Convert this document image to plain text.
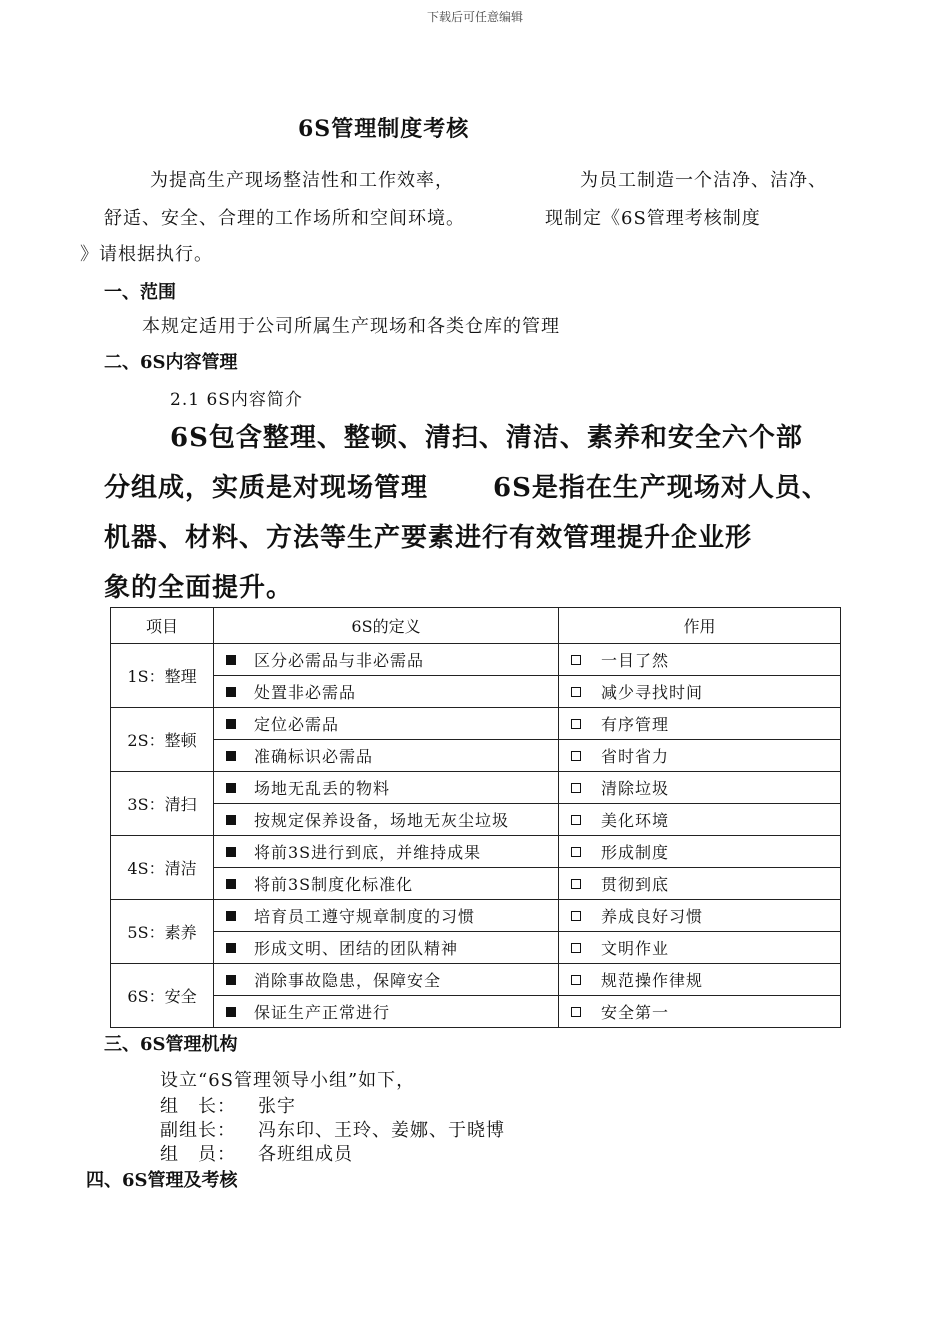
下载后可任意编辑
6S管理制度考核
为提高生产现场整洁性和工作效率，	为员工制造一个洁净、洁净、
舒适、安全、合理的工作场所和空间环境。	现制定《6S管理考核制度
》请根据执行。
一、范围
本规定适用于公司所属生产现场和各类仓库的管理
二、6S内容管理
2.1 6S内容简介
6S包含整理、整顿、清扫、清洁、素养和安全六个部
分组成，实质是对现场管理 6S是指在生产现场对人员、
机器、材料、方法等生产要素进行有效管理提升企业形
象的全面提升。
项目	6S的定义	作用
1S：整理	区分必需品与非必需品	一目了然
	处置非必需品	减少寻找时间
2S：整顿	定位必需品	有序管理
	准确标识必需品	省时省力
3S：清扫	场地无乱丢的物料	清除垃圾
	按规定保养设备，场地无灰尘垃圾	美化环境
4S：清洁	将前3S进行到底，并维持成果	形成制度
	将前3S制度化标准化	贯彻到底
5S：素养	培育员工遵守规章制度的习惯	养成良好习惯
	形成文明、团结的团队精神	文明作业
6S：安全	消除事故隐患，保障安全	规范操作律规
	保证生产正常进行	安全第一
三、6S管理机构
设立“6S管理领导小组”如下，
组　长： 张宇
副组长： 冯东印、王玲、姜娜、于晓博
组　员： 各班组成员
四、6S管理及考核
